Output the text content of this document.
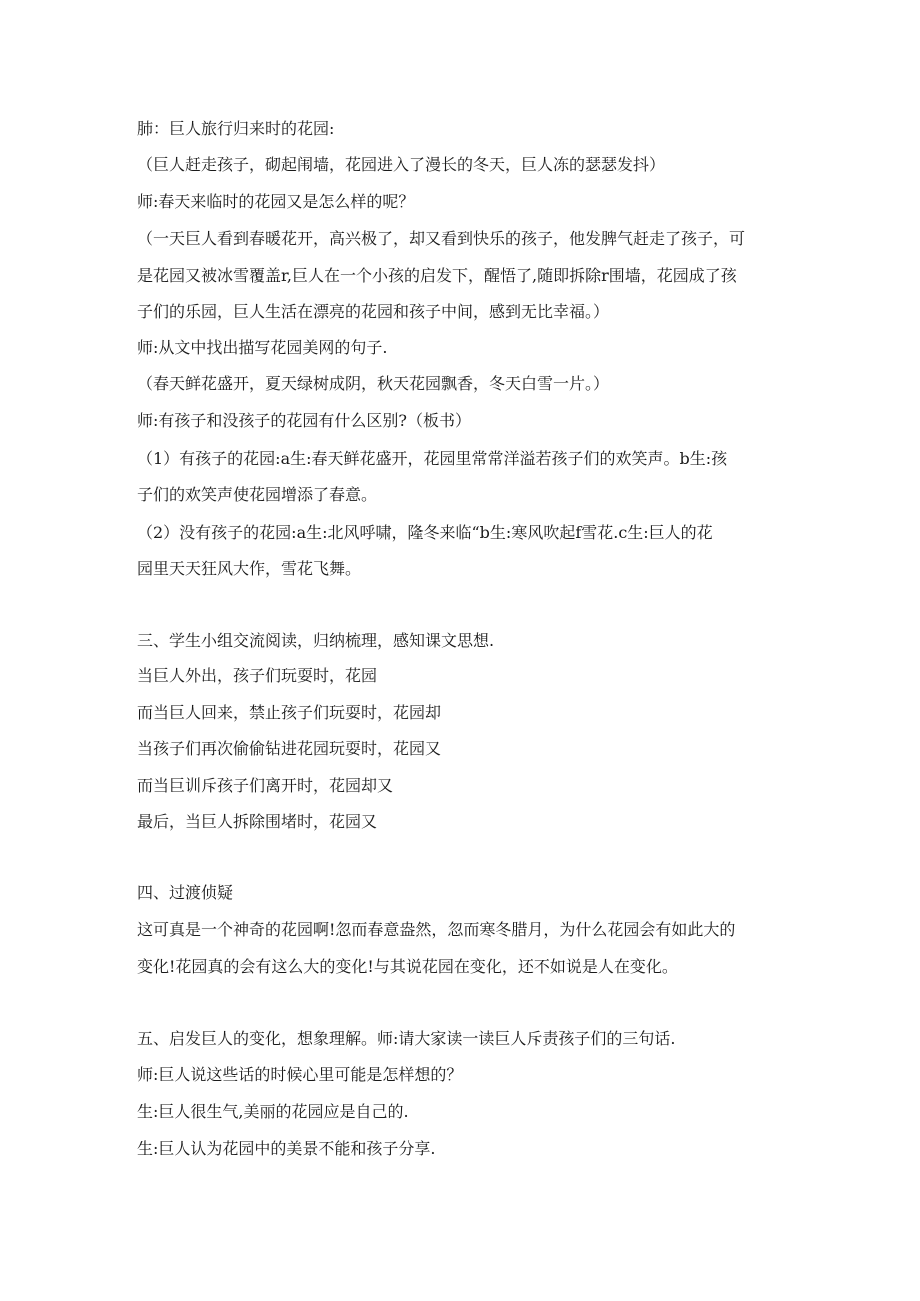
肺：巨人旅行归来时的花园:
（巨人赶走孩子，砌起闱墙，花园进入了漫长的冬天，巨人冻的瑟瑟发抖）
师:春天来临时的花园又是怎么样的呢？
（一天巨人看到春暖花开，高兴极了，却又看到快乐的孩子，他发脾气赶走了孩子，可
是花园又被冰雪覆盖r,巨人在一个小孩的启发下，醒悟了,随即拆除r围墙，花园成了孩
子们的乐园，巨人生活在漂亮的花园和孩子中间，感到无比幸福。）
师:从文中找出描写花园美网的句子.
（春天鲜花盛开，夏天绿树成阴，秋天花园飘香，冬天白雪一片。）
师:有孩子和没孩子的花园有什么区别?（板书）
（1）有孩子的花园:a生:春天鲜花盛开，花园里常常洋溢若孩子们的欢笑声。b生:孩
子们的欢笑声使花园增添了春意。
（2）没有孩子的花园:a生:北风呼啸，隆冬来临“b生:寒风吹起f雪花.c生:巨人的花
园里天天狂风大作，雪花飞舞。
三、学生小组交流阅读，归纳梳理，感知课文思想.
当巨人外出，孩子们玩耍时，花园
而当巨人回来，禁止孩子们玩耍时，花园却
当孩子们再次偷偷钻进花园玩耍时，花园又
而当巨训斥孩子们离开时，花园却又
最后，当巨人拆除围堵时，花园又
四、过渡侦疑
这可真是一个神奇的花园啊!忽而春意盎然，忽而寒冬腊月，为什么花园会有如此大的
变化!花园真的会有这么大的变化!与其说花园在变化，还不如说是人在变化。
五、启发巨人的变化，想象理解。师:请大家读一读巨人斥责孩子们的三句话.
师:巨人说这些话的时候心里可能是怎样想的？
生:巨人很生气,美丽的花园应是自己的.
生:巨人认为花园中的美景不能和孩子分享.
